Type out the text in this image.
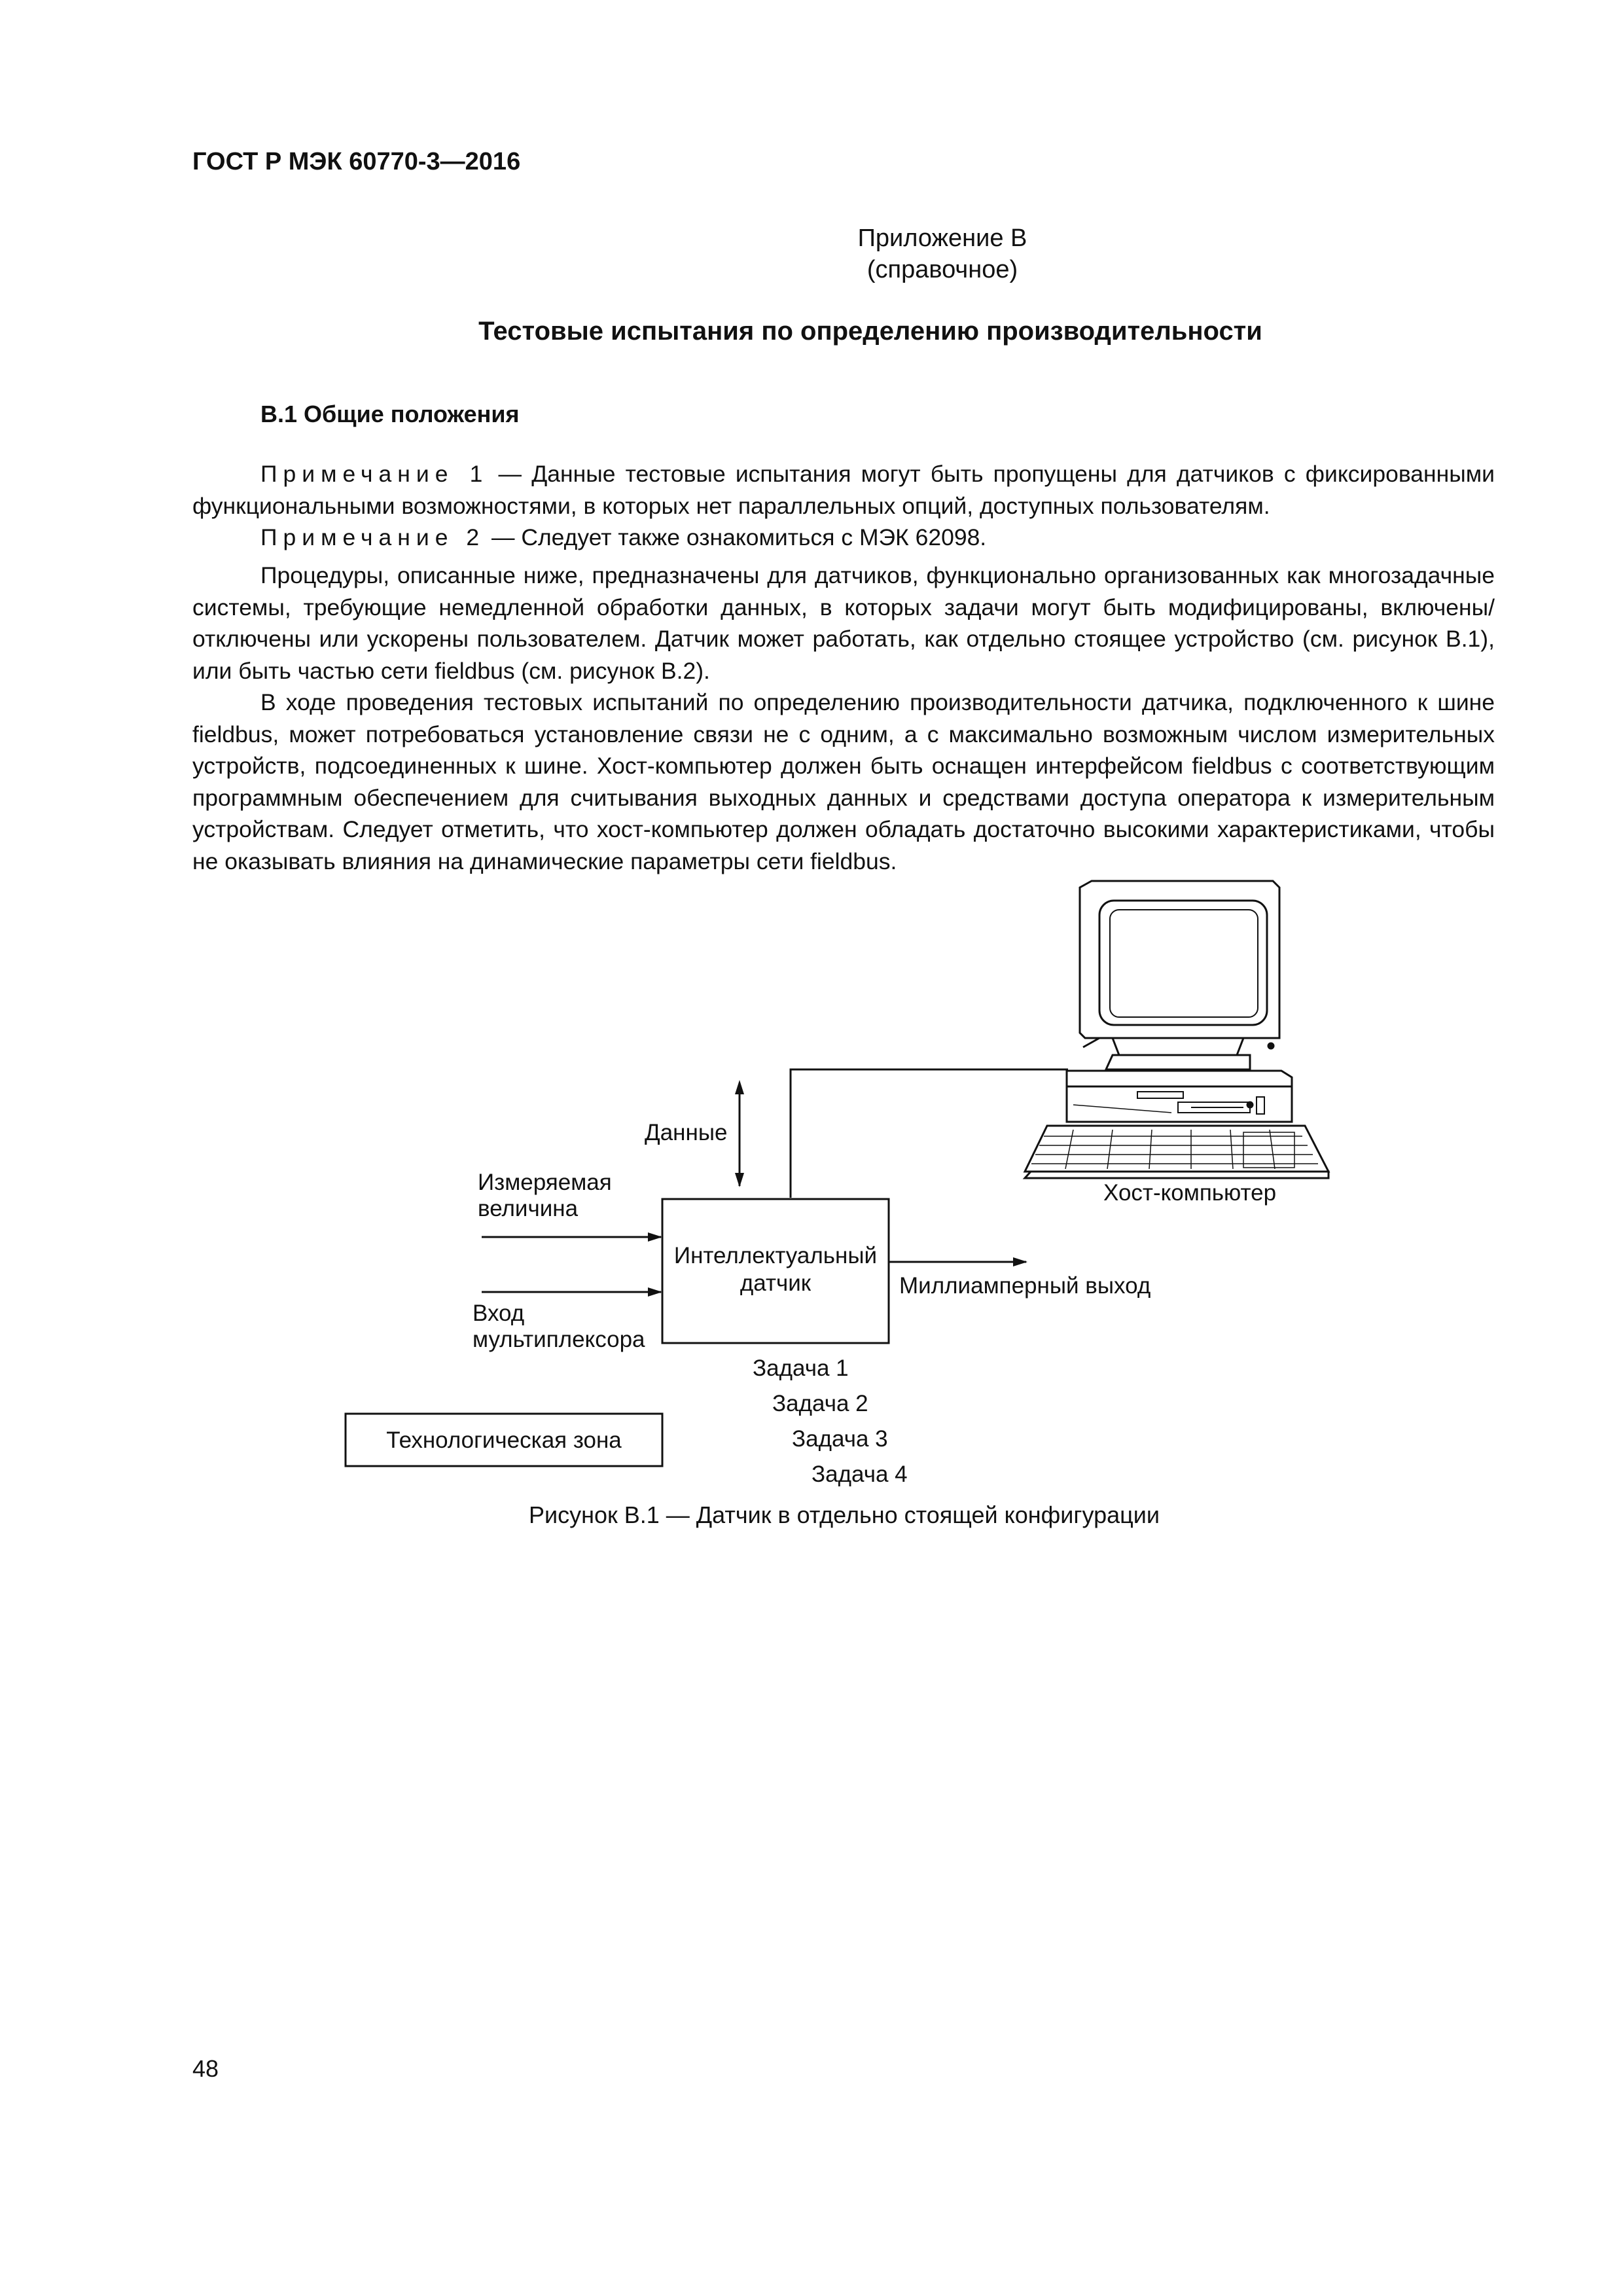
ГОСТ Р МЭК 60770-3—2016
Приложение В
(справочное)
Тестовые испытания по определению производительности
В.1 Общие положения

Примечание 1 — Данные тестовые испытания могут быть пропущены для датчиков с фиксированными функциональными возможностями, в которых нет параллельных опций, доступных пользователям.

Примечание 2 — Следует также ознакомиться с МЭК 62098.

Процедуры, описанные ниже, предназначены для датчиков, функционально организованных как многозадачные системы, требующие немедленной обработки данных, в которых задачи могут быть модифицированы, включены/отключены или ускорены пользователем. Датчик может работать, как отдельно стоящее устройство (см. рисунок В.1), или быть частью сети fieldbus (см. рисунок В.2).

В ходе проведения тестовых испытаний по определению производительности датчика, подключенного к шине fieldbus, может потребоваться установление связи не с одним, а с максимально возможным числом измерительных устройств, подсоединенных к шине. Хост-компьютер должен быть оснащен интерфейсом fieldbus с соответствующим программным обеспечением для считывания выходных данных и средствами доступа оператора к измерительным устройствам. Следует отметить, что хост-компьютер должен обладать достаточно высокими характеристиками, чтобы не оказывать влияния на динамические параметры сети fieldbus.

Данные
Интеллектуальный
датчик
Измеряемая
величина
Вход
мультиплексора
Миллиамперный выход
Хост-компьютер
Задача 1
Задача 2
Задача 3
Задача 4
Технологическая зона
Рисунок В.1 — Датчик в отдельно стоящей конфигурации
48
